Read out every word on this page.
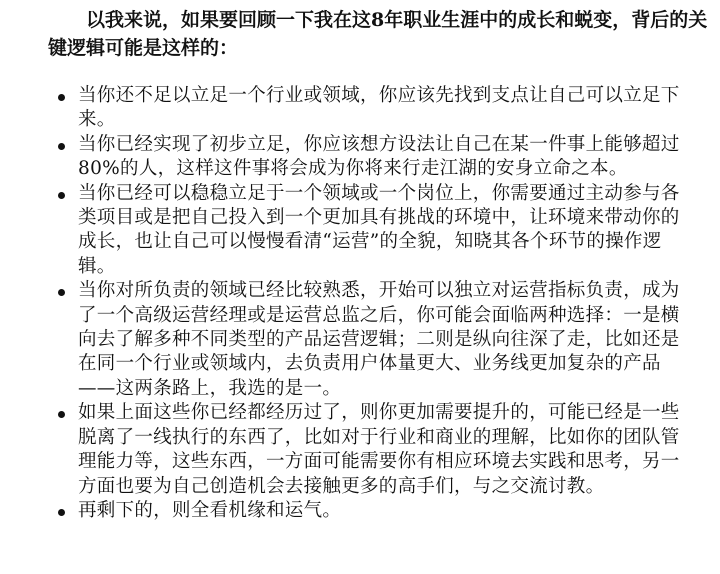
以我来说，如果要回顾一下我在这8年职业生涯中的成长和蜕变，背后的关键逻辑可能是这样的：

当你还不足以立足一个行业或领域，你应该先找到支点让自己可以立足下来。
当你已经实现了初步立足，你应该想方设法让自己在某一件事上能够超过80%的人，这样这件事将会成为你将来行走江湖的安身立命之本。
当你已经可以稳稳立足于一个领域或一个岗位上，你需要通过主动参与各类项目或是把自己投入到一个更加具有挑战的环境中，让环境来带动你的成长，也让自己可以慢慢看清“运营”的全貌，知晓其各个环节的操作逻辑。
当你对所负责的领域已经比较熟悉，开始可以独立对运营指标负责，成为了一个高级运营经理或是运营总监之后，你可能会面临两种选择：一是横向去了解多种不同类型的产品运营逻辑；二则是纵向往深了走，比如还是在同一个行业或领域内，去负责用户体量更大、业务线更加复杂的产品——这两条路上，我选的是一。
如果上面这些你已经都经历过了，则你更加需要提升的，可能已经是一些脱离了一线执行的东西了，比如对于行业和商业的理解，比如你的团队管理能力等，这些东西，一方面可能需要你有相应环境去实践和思考，另一方面也要为自己创造机会去接触更多的高手们，与之交流讨教。
再剩下的，则全看机缘和运气。
